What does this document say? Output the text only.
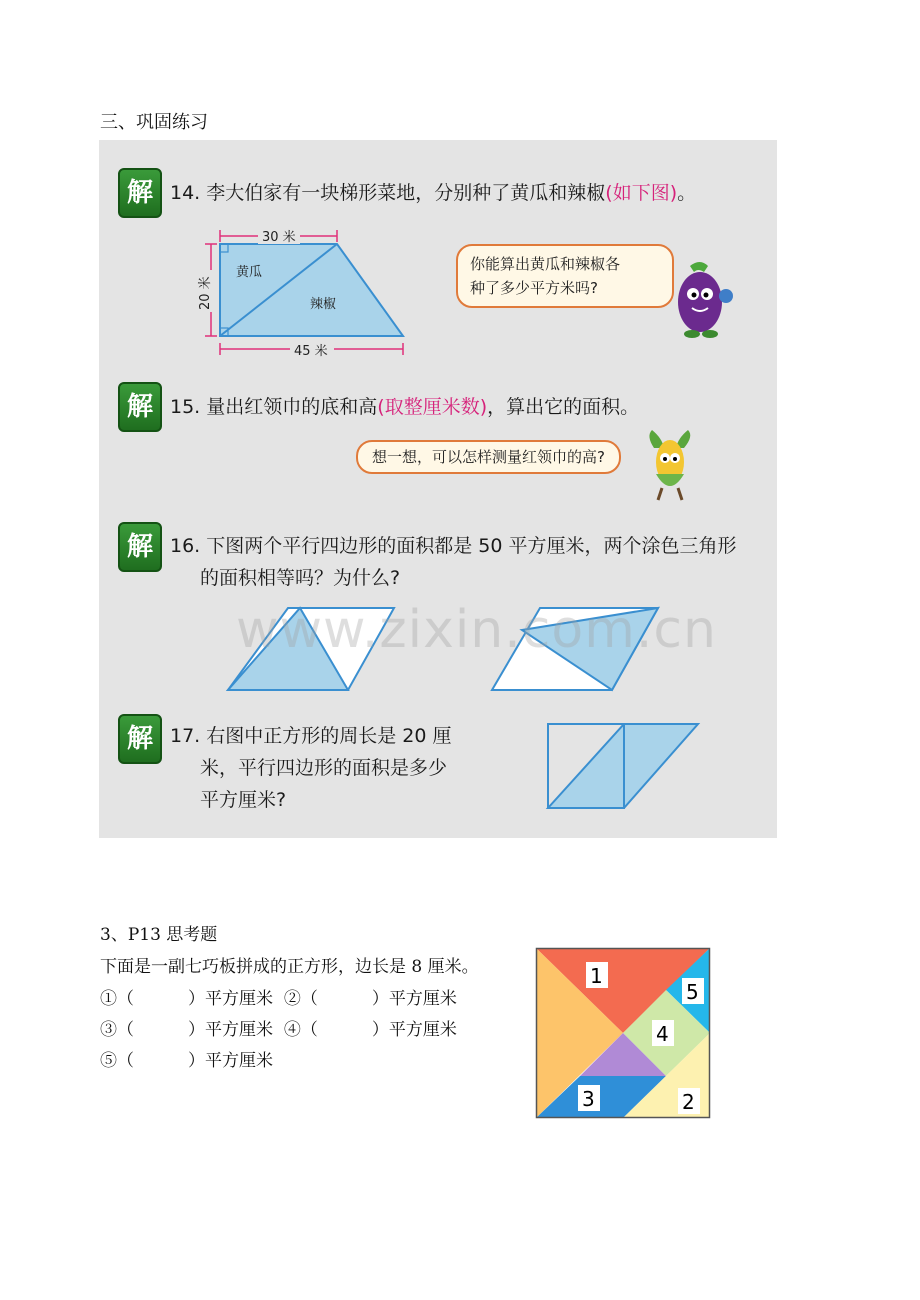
三、巩固练习
解 14. 李大伯家有一块梯形菜地，分别种了黄瓜和辣椒(如下图)。
30 米
20 米
45 米
黄瓜
辣椒
你能算出黄瓜和辣椒各
种了多少平方米吗?
解 15. 量出红领巾的底和高(取整厘米数)，算出它的面积。
想一想，可以怎样测量红领巾的高?
解 16. 下图两个平行四边形的面积都是 50 平方厘米，两个涂色三角形
的面积相等吗？为什么?
www.zixin.com.cn
解 17. 右图中正方形的周长是 20 厘
米，平行四边形的面积是多少
平方厘米?
3、P13 思考题
下面是一副七巧板拼成的正方形，边长是 8 厘米。
①（          ）平方厘米 ②（          ）平方厘米
③（          ）平方厘米 ④（          ）平方厘米
⑤（          ）平方厘米
1
5
4
3	2
